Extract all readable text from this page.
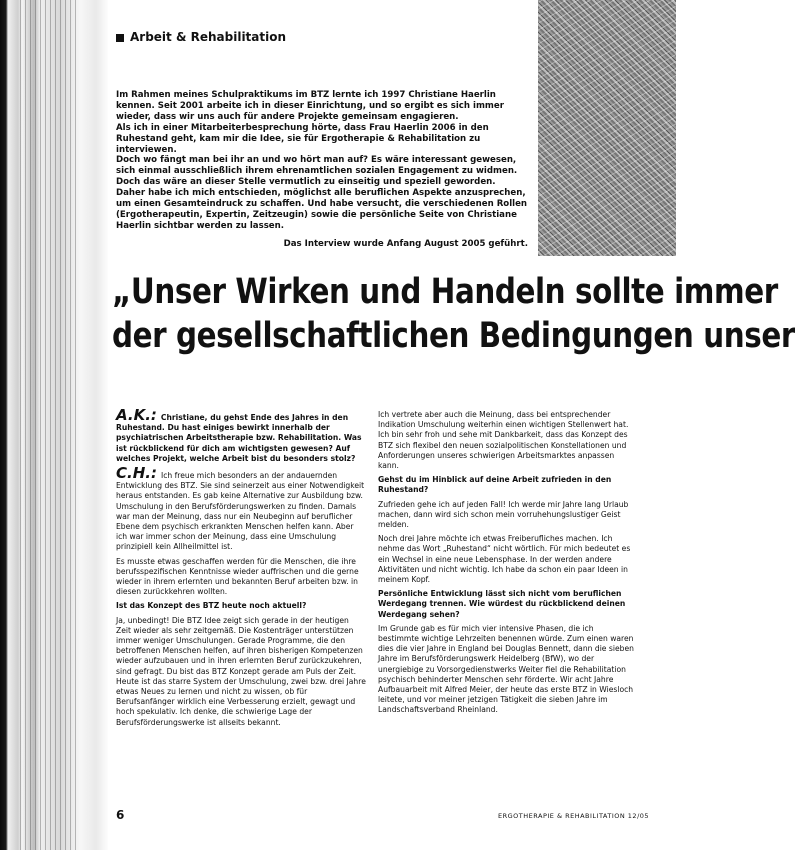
Arbeit & Rehabilitation

Im Rahmen meines Schulpraktikums im BTZ lernte ich 1997 Christiane Haerlin kennen. Seit 2001 arbeite ich in dieser Einrichtung, und so ergibt es sich immer wieder, dass wir uns auch für andere Projekte gemeinsam engagieren.

Als ich in einer Mitarbeiterbesprechung hörte, dass Frau Haerlin 2006 in den Ruhestand geht, kam mir die Idee, sie für Ergotherapie & Rehabilitation zu interviewen.

Doch wo fängt man bei ihr an und wo hört man auf? Es wäre interessant gewesen, sich einmal ausschließlich ihrem ehrenamtlichen sozialen Engagement zu widmen. Doch das wäre an dieser Stelle vermutlich zu einseitig und speziell geworden.

Daher habe ich mich entschieden, möglichst alle beruflichen Aspekte anzusprechen, um einen Gesamteindruck zu schaffen. Und habe versucht, die verschiedenen Rollen (Ergotherapeutin, Expertin, Zeitzeugin) sowie die persönliche Seite von Christiane Haerlin sichtbar werden zu lassen.

Das Interview wurde Anfang August 2005 geführt.
„Unser Wirken und Handeln sollte immer
der gesellschaftlichen Bedingungen unser

A.K.: Christiane, du gehst Ende des Jahres in den Ruhestand. Du hast einiges bewirkt innerhalb der psychiatrischen Arbeitstherapie bzw. Rehabilitation. Was ist rückblickend für dich am wichtigsten gewesen? Auf welches Projekt, welche Arbeit bist du besonders stolz?

C.H.: Ich freue mich besonders an der andauernden Entwicklung des BTZ. Sie sind seinerzeit aus einer Notwendigkeit heraus entstanden. Es gab keine Alternative zur Ausbildung bzw. Umschulung in den Berufsförderungswerken zu finden. Damals war man der Meinung, dass nur ein Neubeginn auf beruflicher Ebene dem psychisch erkrankten Menschen helfen kann. Aber ich war immer schon der Meinung, dass eine Umschulung prinzipiell kein Allheilmittel ist.

Es musste etwas geschaffen werden für die Menschen, die ihre berufsspezifischen Kenntnisse wieder auffrischen und die gerne wieder in ihrem erlernten und bekannten Beruf arbeiten bzw. in diesen zurückkehren wollten.

Ist das Konzept des BTZ heute noch aktuell?

Ja, unbedingt! Die BTZ Idee zeigt sich gerade in der heutigen Zeit wieder als sehr zeitgemäß. Die Kostenträger unterstützen immer weniger Umschulungen. Gerade Programme, die den betroffenen Menschen helfen, auf ihren bisherigen Kompetenzen wieder aufzubauen und in ihren erlernten Beruf zurückzukehren, sind gefragt. Du bist das BTZ Konzept gerade am Puls der Zeit. Heute ist das starre System der Umschulung, zwei bzw. drei Jahre etwas Neues zu lernen und nicht zu wissen, ob für Berufsanfänger wirklich eine Verbesserung erzielt, gewagt und hoch spekulativ. Ich denke, die schwierige Lage der Berufsförderungswerke ist allseits bekannt.

Ich vertrete aber auch die Meinung, dass bei entsprechender Indikation Umschulung weiterhin einen wichtigen Stellenwert hat. Ich bin sehr froh und sehe mit Dankbarkeit, dass das Konzept des BTZ sich flexibel den neuen sozialpolitischen Konstellationen und Anforderungen unseres schwierigen Arbeitsmarktes anpassen kann.

Gehst du im Hinblick auf deine Arbeit zufrieden in den Ruhestand?

Zufrieden gehe ich auf jeden Fall! Ich werde mir Jahre lang Urlaub machen, dann wird sich schon mein vorruhehungslustiger Geist melden.

Noch drei Jahre möchte ich etwas Freiberufliches machen. Ich nehme das Wort „Ruhestand“ nicht wörtlich. Für mich bedeutet es ein Wechsel in eine neue Lebensphase. In der werden andere Aktivitäten und nicht wichtig. Ich habe da schon ein paar Ideen in meinem Kopf.

Persönliche Entwicklung lässt sich nicht vom beruflichen Werdegang trennen. Wie würdest du rückblickend deinen Werdegang sehen?

Im Grunde gab es für mich vier intensive Phasen, die ich bestimmte wichtige Lehrzeiten benennen würde. Zum einen waren dies die vier Jahre in England bei Douglas Bennett, dann die sieben Jahre im Berufsförderungswerk Heidelberg (BfW), wo der unergiebige zu Vorsorgedienstwerks Weiter fiel die Rehabilitation psychisch behinderter Menschen sehr förderte. Wir acht Jahre Aufbauarbeit mit Alfred Meier, der heute das erste BTZ in Wiesloch leitete, und vor meiner jetzigen Tätigkeit die sieben Jahre im Landschaftsverband Rheinland.

6	ERGOTHERAPIE & REHABILITATION 12/05
